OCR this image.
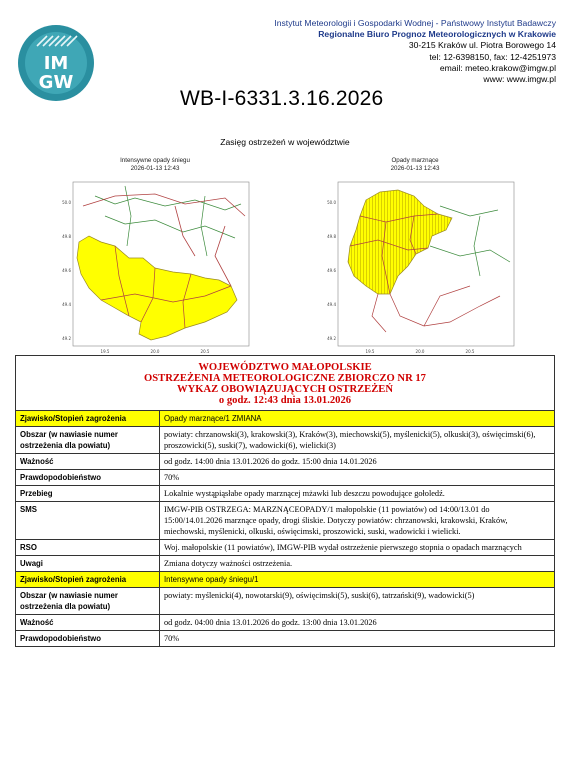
IM
GW
Instytut Meteorologii i Gospodarki Wodnej - Państwowy Instytut Badawczy
Regionalne Biuro Prognoz Meteorologicznych w Krakowie
30-215 Kraków ul. Piotra Borowego 14
tel: 12-6398150, fax: 12-4251973
email: meteo.krakow@imgw.pl
www: www.imgw.pl
WB-I-6331.3.16.2026
Zasięg ostrzeżeń w województwie
Intensywne opady śniegu
2026-01-13 12:43
50.0
49.8
49.6
49.4
49.2
19.5	20.0	20.5
Opady marznące
2026-01-13 12:43
50.0
49.8
49.6
49.4
49.2
19.5	20.0	20.5
WOJEWÓDZTWO MAŁOPOLSKIE
OSTRZEŻENIA METEOROLOGICZNE ZBIORCZO NR 17
WYKAZ OBOWIĄZUJĄCYCH OSTRZEŻEŃ
o godz. 12:43 dnia 13.01.2026	

Zjawisko/Stopień zagrożenia	Opady marznące/1 ZMIANA
Obszar (w nawiasie numer ostrzeżenia dla powiatu)	powiaty: chrzanowski(3), krakowski(3), Kraków(3), miechowski(5), myślenicki(5), olkuski(3), oświęcimski(6), proszowicki(5), suski(7), wadowicki(6), wielicki(3)
Ważność	od godz. 14:00 dnia 13.01.2026 do godz. 15:00 dnia 14.01.2026
Prawdopodobieństwo	70%
Przebieg	Lokalnie wystąpiąsłabe opady marznącej mżawki lub deszczu powodujące gołoledź.
SMS	IMGW-PIB OSTRZEGA: MARZNĄCEOPADY/1 małopolskie (11 powiatów) od 14:00/13.01 do 15:00/14.01.2026 marznące opady, drogi śliskie. Dotyczy powiatów: chrzanowski, krakowski, Kraków, miechowski, myślenicki, olkuski, oświęcimski, proszowicki, suski, wadowicki i wielicki.
RSO	Woj. małopolskie (11 powiatów), IMGW-PIB wydał ostrzeżenie pierwszego stopnia o opadach marznących
Uwagi	Zmiana dotyczy ważności ostrzeżenia.
Zjawisko/Stopień zagrożenia	Intensywne opady śniegu/1
Obszar (w nawiasie numer ostrzeżenia dla powiatu)	powiaty: myślenicki(4), nowotarski(9), oświęcimski(5), suski(6), tatrzański(9), wadowicki(5)
Ważność	od godz. 04:00 dnia 13.01.2026 do godz. 13:00 dnia 13.01.2026
Prawdopodobieństwo	70%
